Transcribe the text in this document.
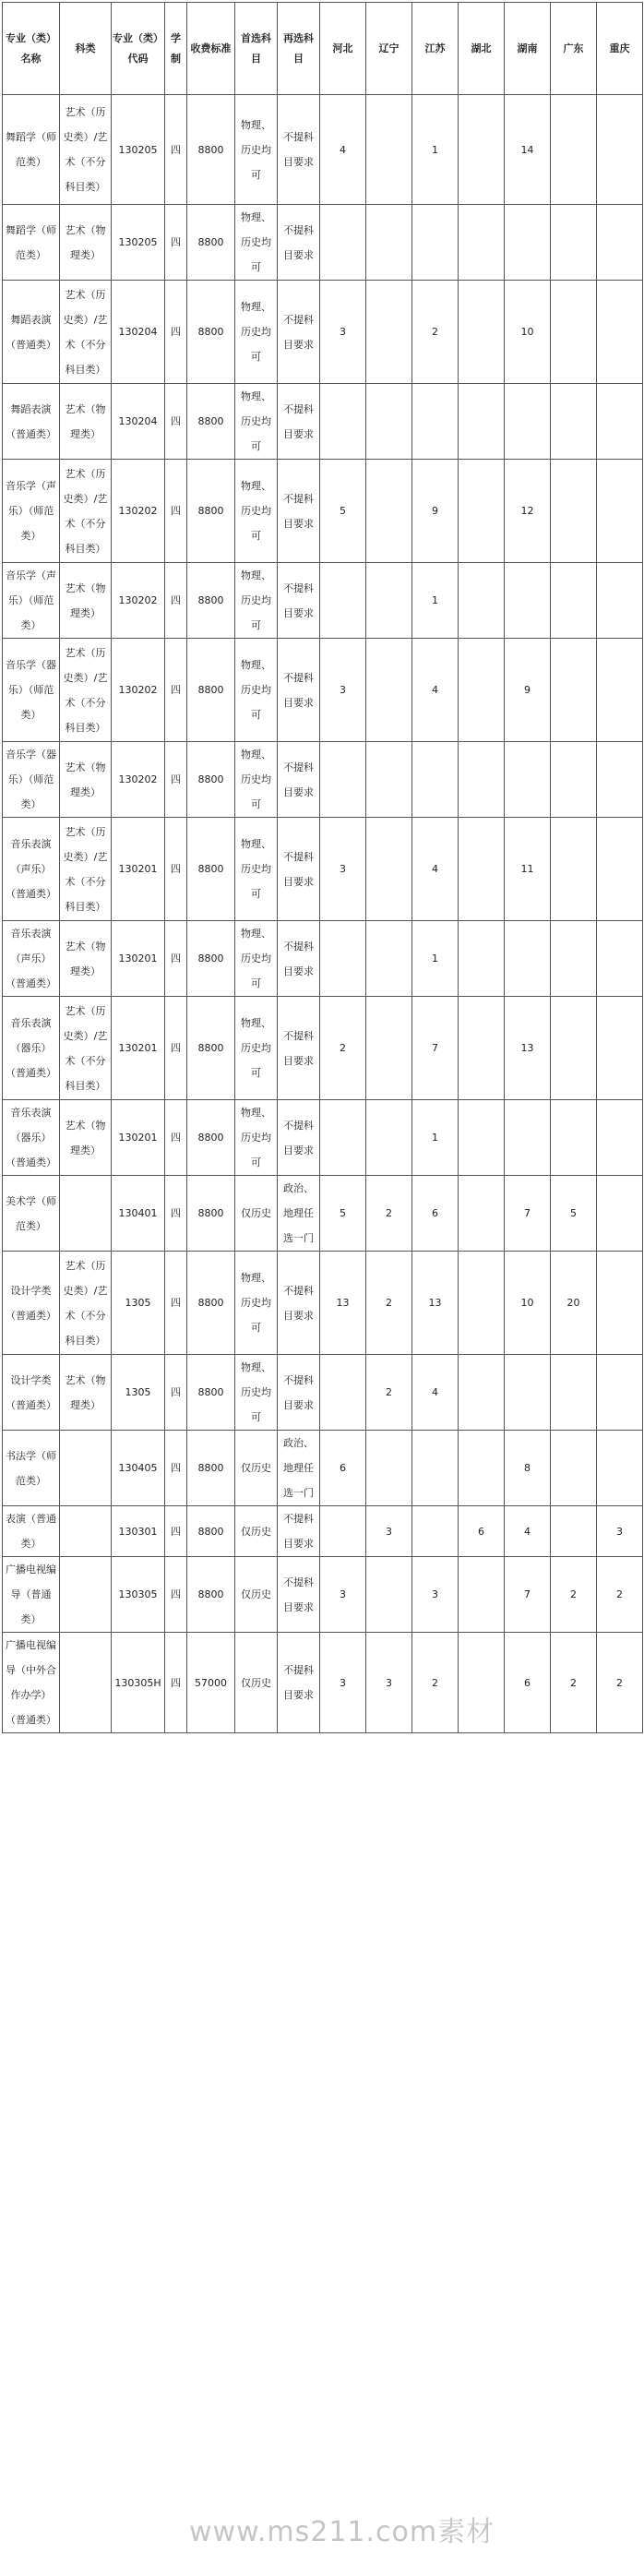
专业（类）名称	科类	专业（类）代码	学制	收费标准	首选科目	再选科目	河北	辽宁	江苏	湖北	湖南	广东	重庆
舞蹈学（师范类）	艺术（历史类）/艺术（不分科目类）	130205	四	8800	物理、历史均可	不提科目要求	4		1		14		
舞蹈学（师范类）	艺术（物理类）	130205	四	8800	物理、历史均可	不提科目要求							
舞蹈表演（普通类）	艺术（历史类）/艺术（不分科目类）	130204	四	8800	物理、历史均可	不提科目要求	3		2		10		
舞蹈表演（普通类）	艺术（物理类）	130204	四	8800	物理、历史均可	不提科目要求							
音乐学（声乐）（师范类）	艺术（历史类）/艺术（不分科目类）	130202	四	8800	物理、历史均可	不提科目要求	5		9		12		
音乐学（声乐）（师范类）	艺术（物理类）	130202	四	8800	物理、历史均可	不提科目要求			1				
音乐学（器乐）（师范类）	艺术（历史类）/艺术（不分科目类）	130202	四	8800	物理、历史均可	不提科目要求	3		4		9		
音乐学（器乐）（师范类）	艺术（物理类）	130202	四	8800	物理、历史均可	不提科目要求							
音乐表演（声乐）（普通类）	艺术（历史类）/艺术（不分科目类）	130201	四	8800	物理、历史均可	不提科目要求	3		4		11		
音乐表演（声乐）（普通类）	艺术（物理类）	130201	四	8800	物理、历史均可	不提科目要求			1				
音乐表演（器乐）（普通类）	艺术（历史类）/艺术（不分科目类）	130201	四	8800	物理、历史均可	不提科目要求	2		7		13		
音乐表演（器乐）（普通类）	艺术（物理类）	130201	四	8800	物理、历史均可	不提科目要求			1				
美术学（师范类）		130401	四	8800	仅历史	政治、地理任选一门	5	2	6		7	5	
设计学类（普通类）	艺术（历史类）/艺术（不分科目类）	1305	四	8800	物理、历史均可	不提科目要求	13	2	13		10	20	
设计学类（普通类）	艺术（物理类）	1305	四	8800	物理、历史均可	不提科目要求		2	4				
书法学（师范类）		130405	四	8800	仅历史	政治、地理任选一门	6				8		
表演（普通类）		130301	四	8800	仅历史	不提科目要求		3		6	4		3
广播电视编导（普通类）		130305	四	8800	仅历史	不提科目要求	3		3		7	2	2
广播电视编导（中外合作办学）（普通类）		130305H	四	57000	仅历史	不提科目要求	3	3	2		6	2	2
www.ms211.com素材
